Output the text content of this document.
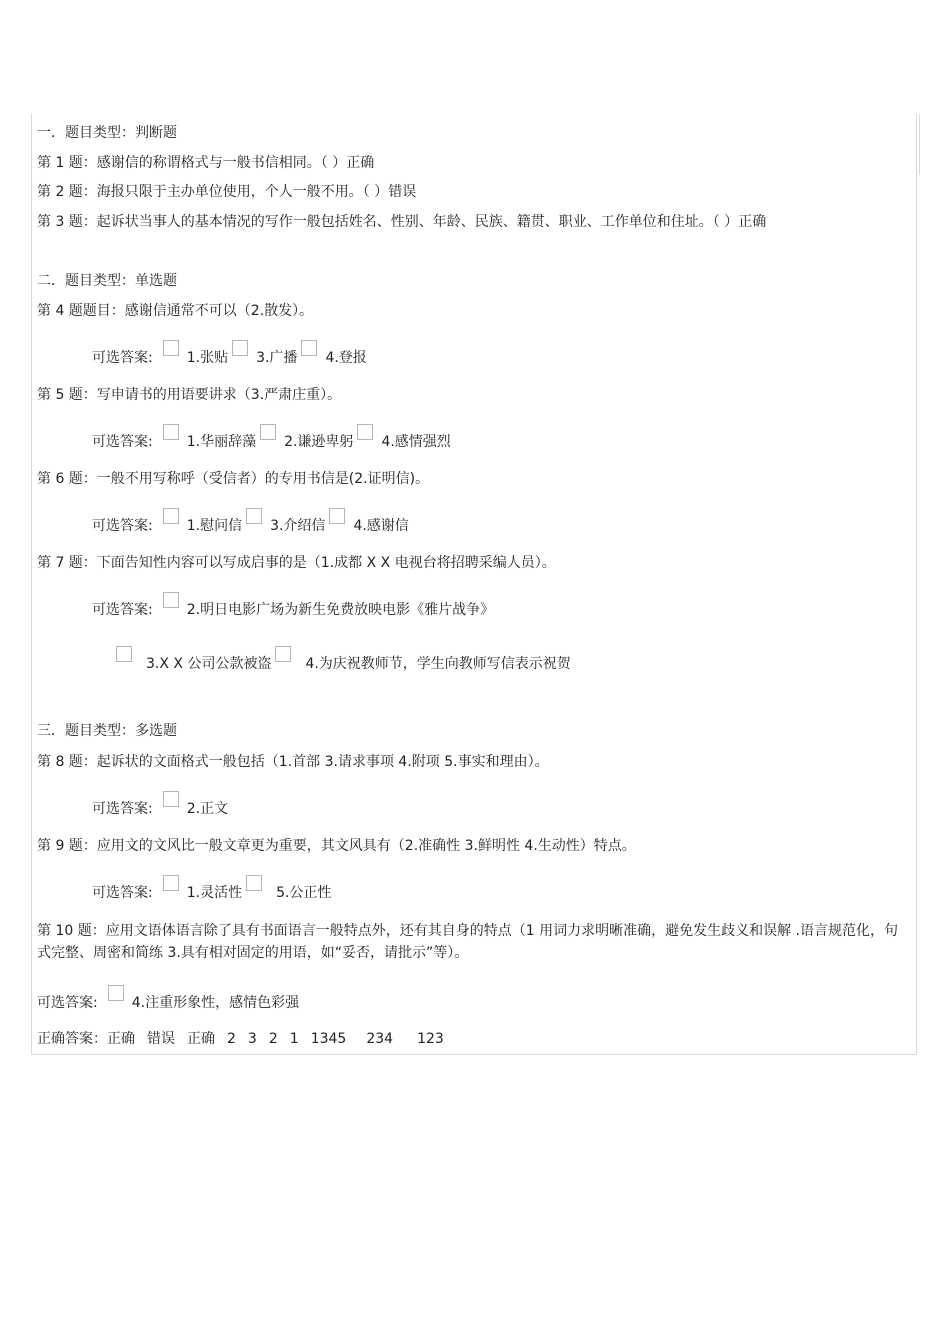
一．题目类型：判断题
第 1 题：感谢信的称谓格式与一般书信相同。（ ）正确
第 2 题：海报只限于主办单位使用，个人一般不用。（ ）错误
第 3 题：起诉状当事人的基本情况的写作一般包括姓名、性别、年龄、民族、籍贯、职业、工作单位和住址。（ ）正确
二．题目类型：单选题
第 4 题题目：感谢信通常不可以（2.散发）。
可选答案: 1.张贴 3.广播 4.登报
第 5 题：写申请书的用语要讲求（3.严肃庄重）。
可选答案: 1.华丽辞藻 2.谦逊卑躬 4.感情强烈
第 6 题：一般不用写称呼（受信者）的专用书信是(2.证明信)。
可选答案: 1.慰问信 3.介绍信 4.感谢信
第 7 题：下面告知性内容可以写成启事的是（1.成都 X X 电视台将招聘采编人员）。
可选答案: 2.明日电影广场为新生免费放映电影《雅片战争》
3.X X 公司公款被盗 4.为庆祝教师节，学生向教师写信表示祝贺
三．题目类型：多选题
第 8 题：起诉状的文面格式一般包括（1.首部 3.请求事项 4.附项 5.事实和理由）。
可选答案: 2.正文
第 9 题：应用文的文风比一般文章更为重要，其文风具有（2.准确性 3.鲜明性 4.生动性）特点。
可选答案: 1.灵活性 5.公正性
第 10 题：应用文语体语言除了具有书面语言一般特点外，还有其自身的特点（1 用词力求明晰准确，避免发生歧义和误解 .语言规范化，句式完整、周密和简练 3.具有相对固定的用语，如“妥否，请批示”等）。
可选答案: 4.注重形象性，感情色彩强
正确答案：正确 错误 正确 2 3 2 1 1345 234 123
